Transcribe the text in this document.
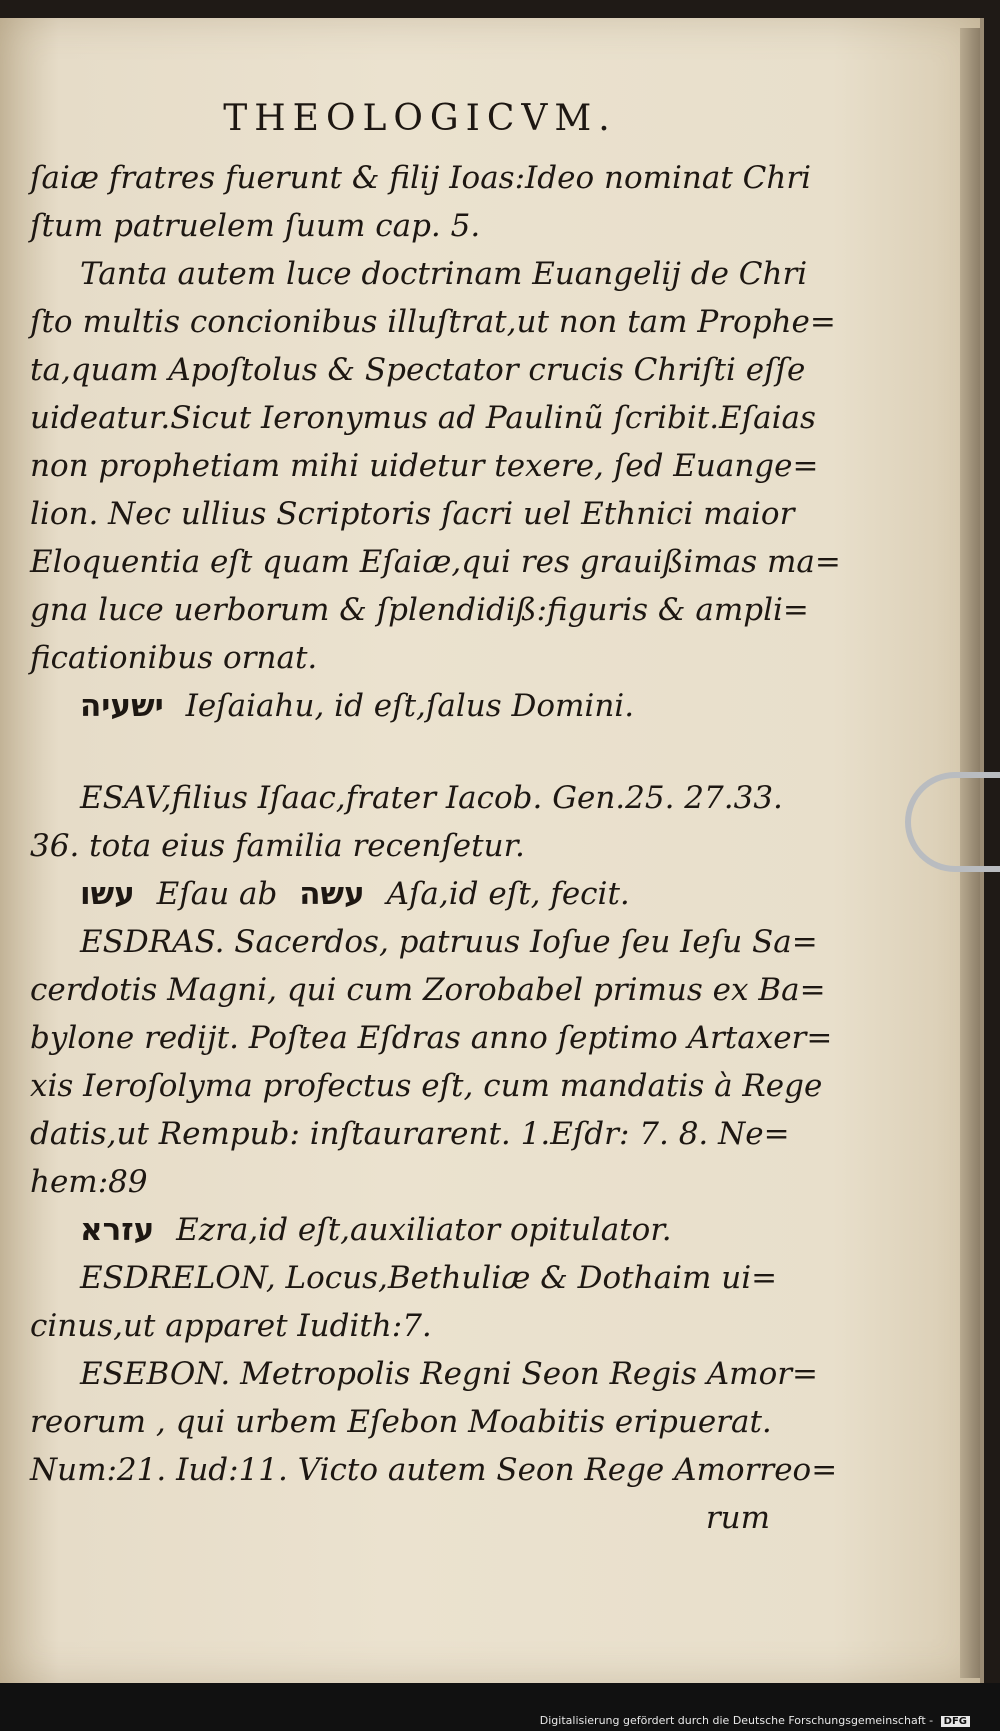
THEOLOGICVM.
ſaiæ fratres fuerunt & filij Ioas:Ideo nominat Chri
ſtum patruelem ſuum cap. 5.
Tanta autem luce doctrinam Euangelij de Chri
ſto multis concionibus illuſtrat,ut non tam Prophe=
ta,quam Apoſtolus & Spectator crucis Chriſti eſſe
uideatur.Sicut Ieronymus ad Paulinũ ſcribit.Eſaias
non prophetiam mihi uidetur texere, ſed Euange=
lion. Nec ullius Scriptoris ſacri uel Ethnici maior
Eloquentia eſt quam Eſaiæ,qui res grauißimas ma=
gna luce uerborum & ſplendidiß:figuris & ampli=
ficationibus ornat.
ישעיה Ieſaiahu, id eſt,ſalus Domini.
ESAV,filius Iſaac,frater Iacob. Gen.25. 27.33.
36. tota eius familia recenſetur.
עשו Eſau ab עשה Aſa,id eſt, fecit.
ESDRAS. Sacerdos, patruus Ioſue ſeu Ieſu Sa=
cerdotis Magni, qui cum Zorobabel primus ex Ba=
bylone redijt. Poſtea Eſdras anno ſeptimo Artaxer=
xis Ieroſolyma profectus eſt, cum mandatis à Rege
datis,ut Rempub: inſtaurarent. 1.Eſdr: 7. 8. Ne=
hem:89
עזרא Ezra,id eſt,auxiliator opitulator.
ESDRELON, Locus,Bethuliæ & Dothaim ui=
cinus,ut apparet Iudith:7.
ESEBON. Metropolis Regni Seon Regis Amor=
reorum , qui urbem Eſebon Moabitis eripuerat.
Num:21. Iud:11. Victo autem Seon Rege Amorreo=
rum
Digitalisierung gefördert durch die Deutsche Forschungsgemeinschaft - DFG
